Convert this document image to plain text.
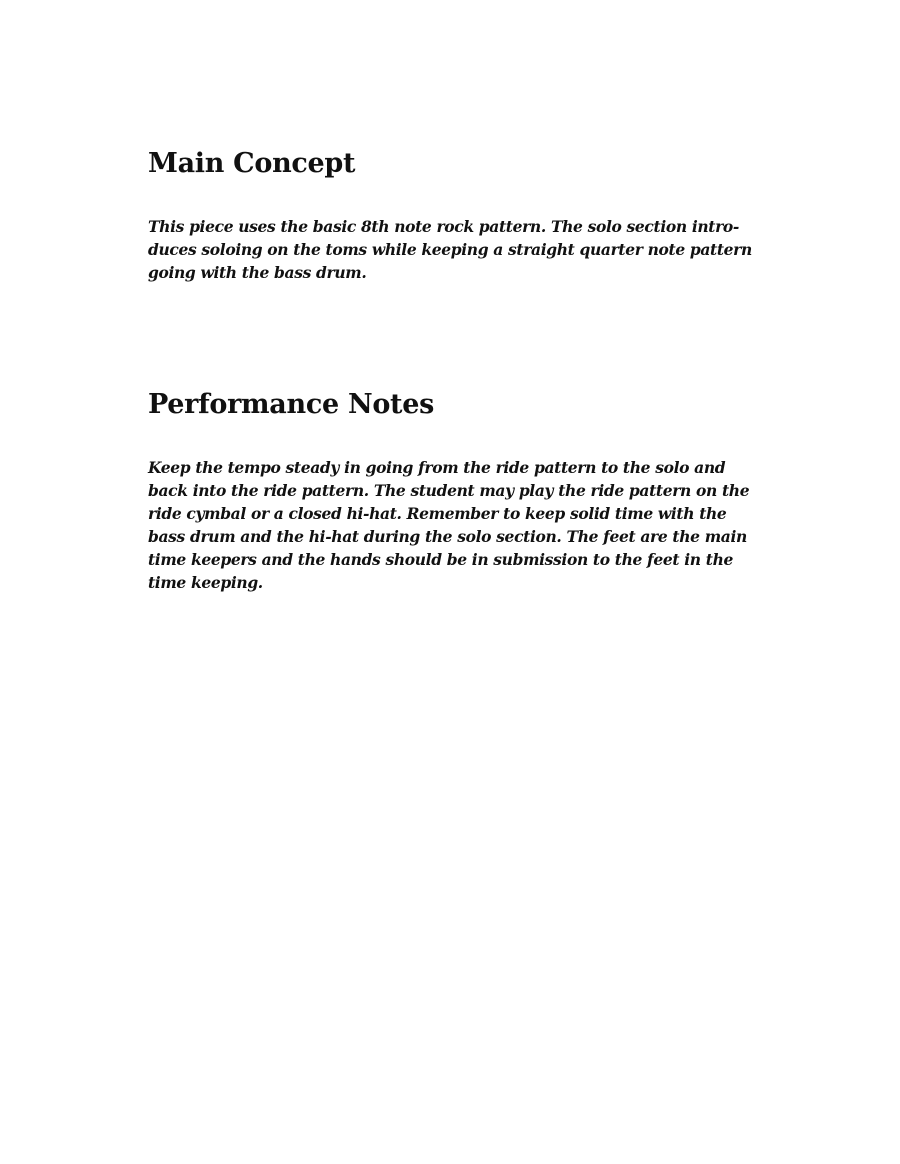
Main Concept

This piece uses the basic 8th note rock pattern. The solo section intro-
duces soloing on the toms while keeping a straight quarter note pattern
going with the bass drum.

Performance Notes

Keep the tempo steady in going from the ride pattern to the solo and
back into the ride pattern. The student may play the ride pattern on the
ride cymbal or a closed hi-hat. Remember to keep solid time with the
bass drum and the hi-hat during the solo section. The feet are the main
time keepers and the hands should be in submission to the feet in the
time keeping.
